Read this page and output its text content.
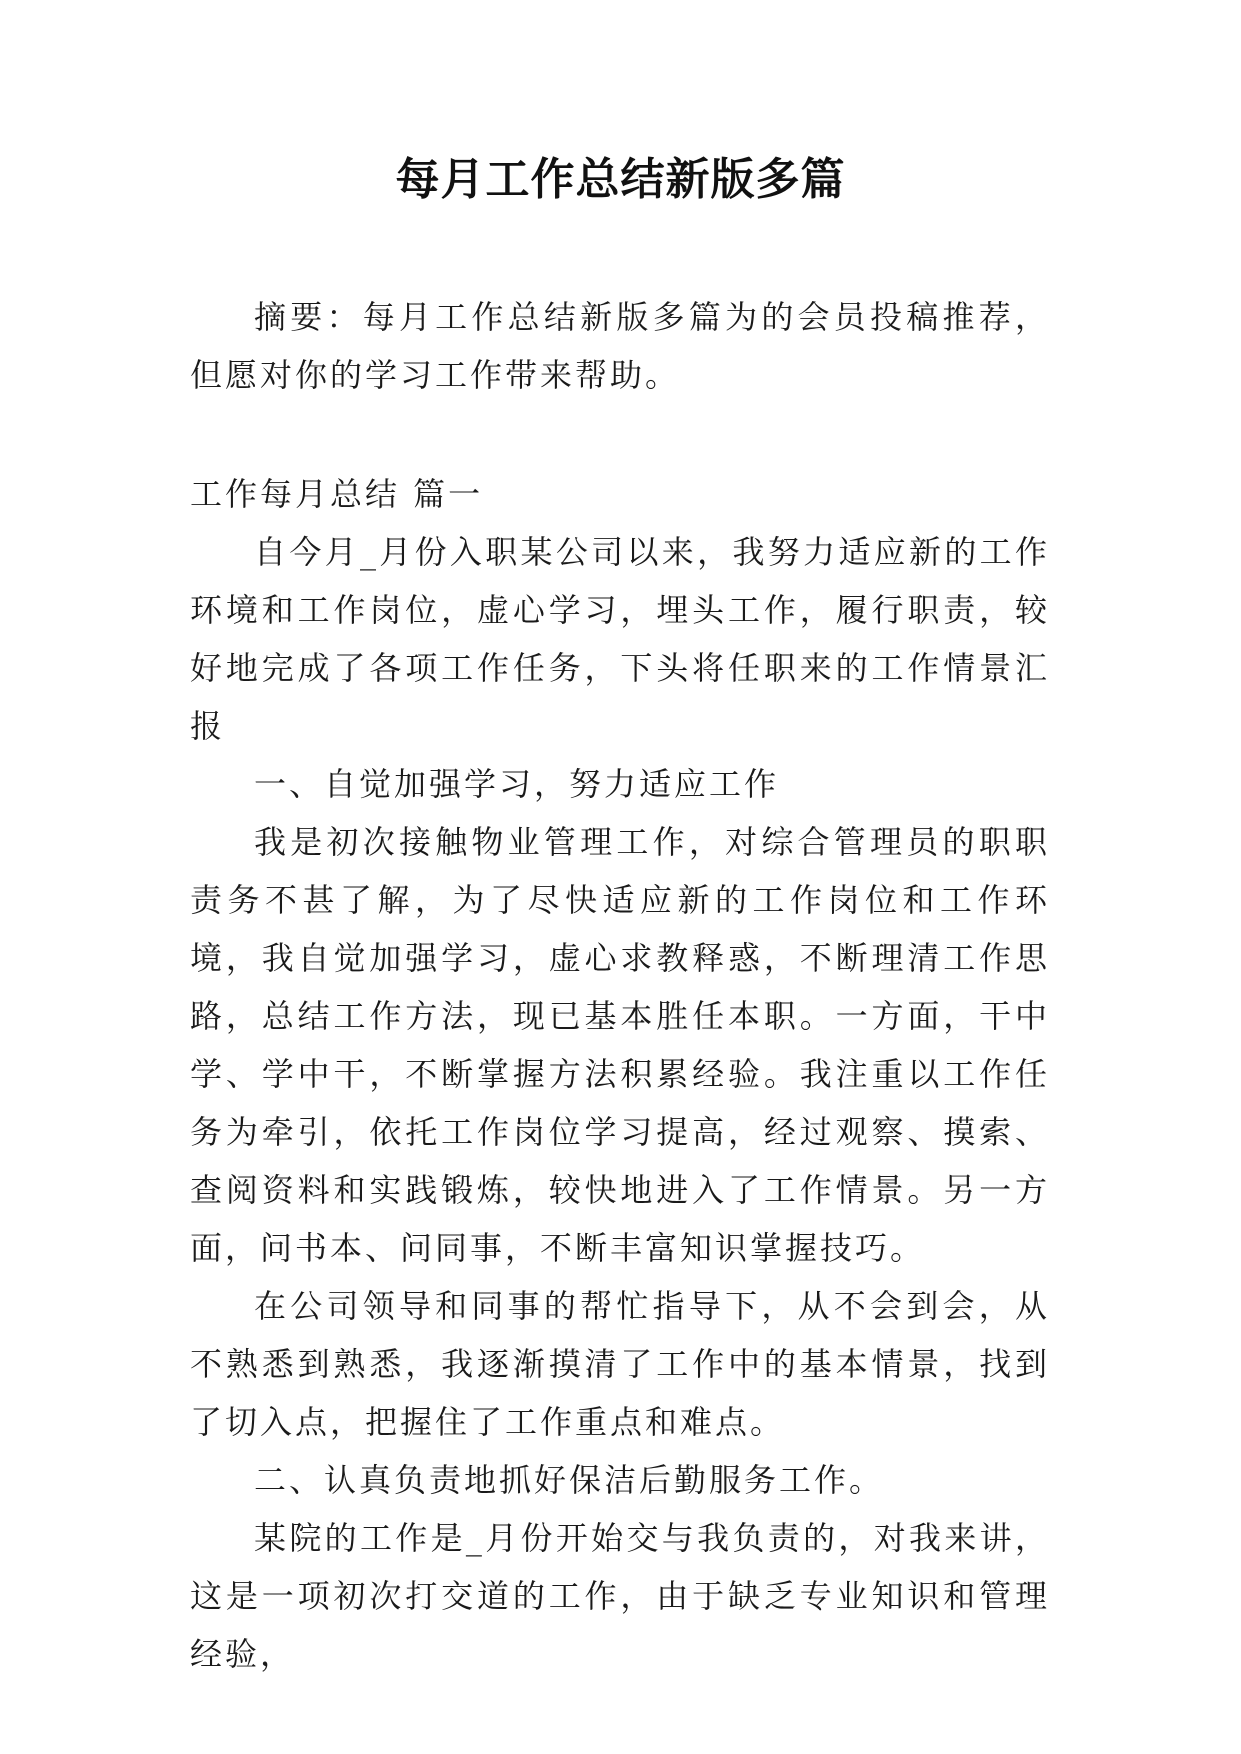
每月工作总结新版多篇

摘要：每月工作总结新版多篇为的会员投稿推荐，但愿对你的学习工作带来帮助。

工作每月总结 篇一

自今月_月份入职某公司以来，我努力适应新的工作环境和工作岗位，虚心学习，埋头工作，履行职责，较好地完成了各项工作任务，下头将任职来的工作情景汇报

一、自觉加强学习，努力适应工作

我是初次接触物业管理工作，对综合管理员的职职责务不甚了解，为了尽快适应新的工作岗位和工作环境，我自觉加强学习，虚心求教释惑，不断理清工作思路，总结工作方法，现已基本胜任本职。一方面，干中学、学中干，不断掌握方法积累经验。我注重以工作任务为牵引，依托工作岗位学习提高，经过观察、摸索、查阅资料和实践锻炼，较快地进入了工作情景。另一方面，问书本、问同事，不断丰富知识掌握技巧。

在公司领导和同事的帮忙指导下，从不会到会，从不熟悉到熟悉，我逐渐摸清了工作中的基本情景，找到了切入点，把握住了工作重点和难点。

二、认真负责地抓好保洁后勤服务工作。

某院的工作是_月份开始交与我负责的，对我来讲，这是一项初次打交道的工作，由于缺乏专业知识和管理经验，
